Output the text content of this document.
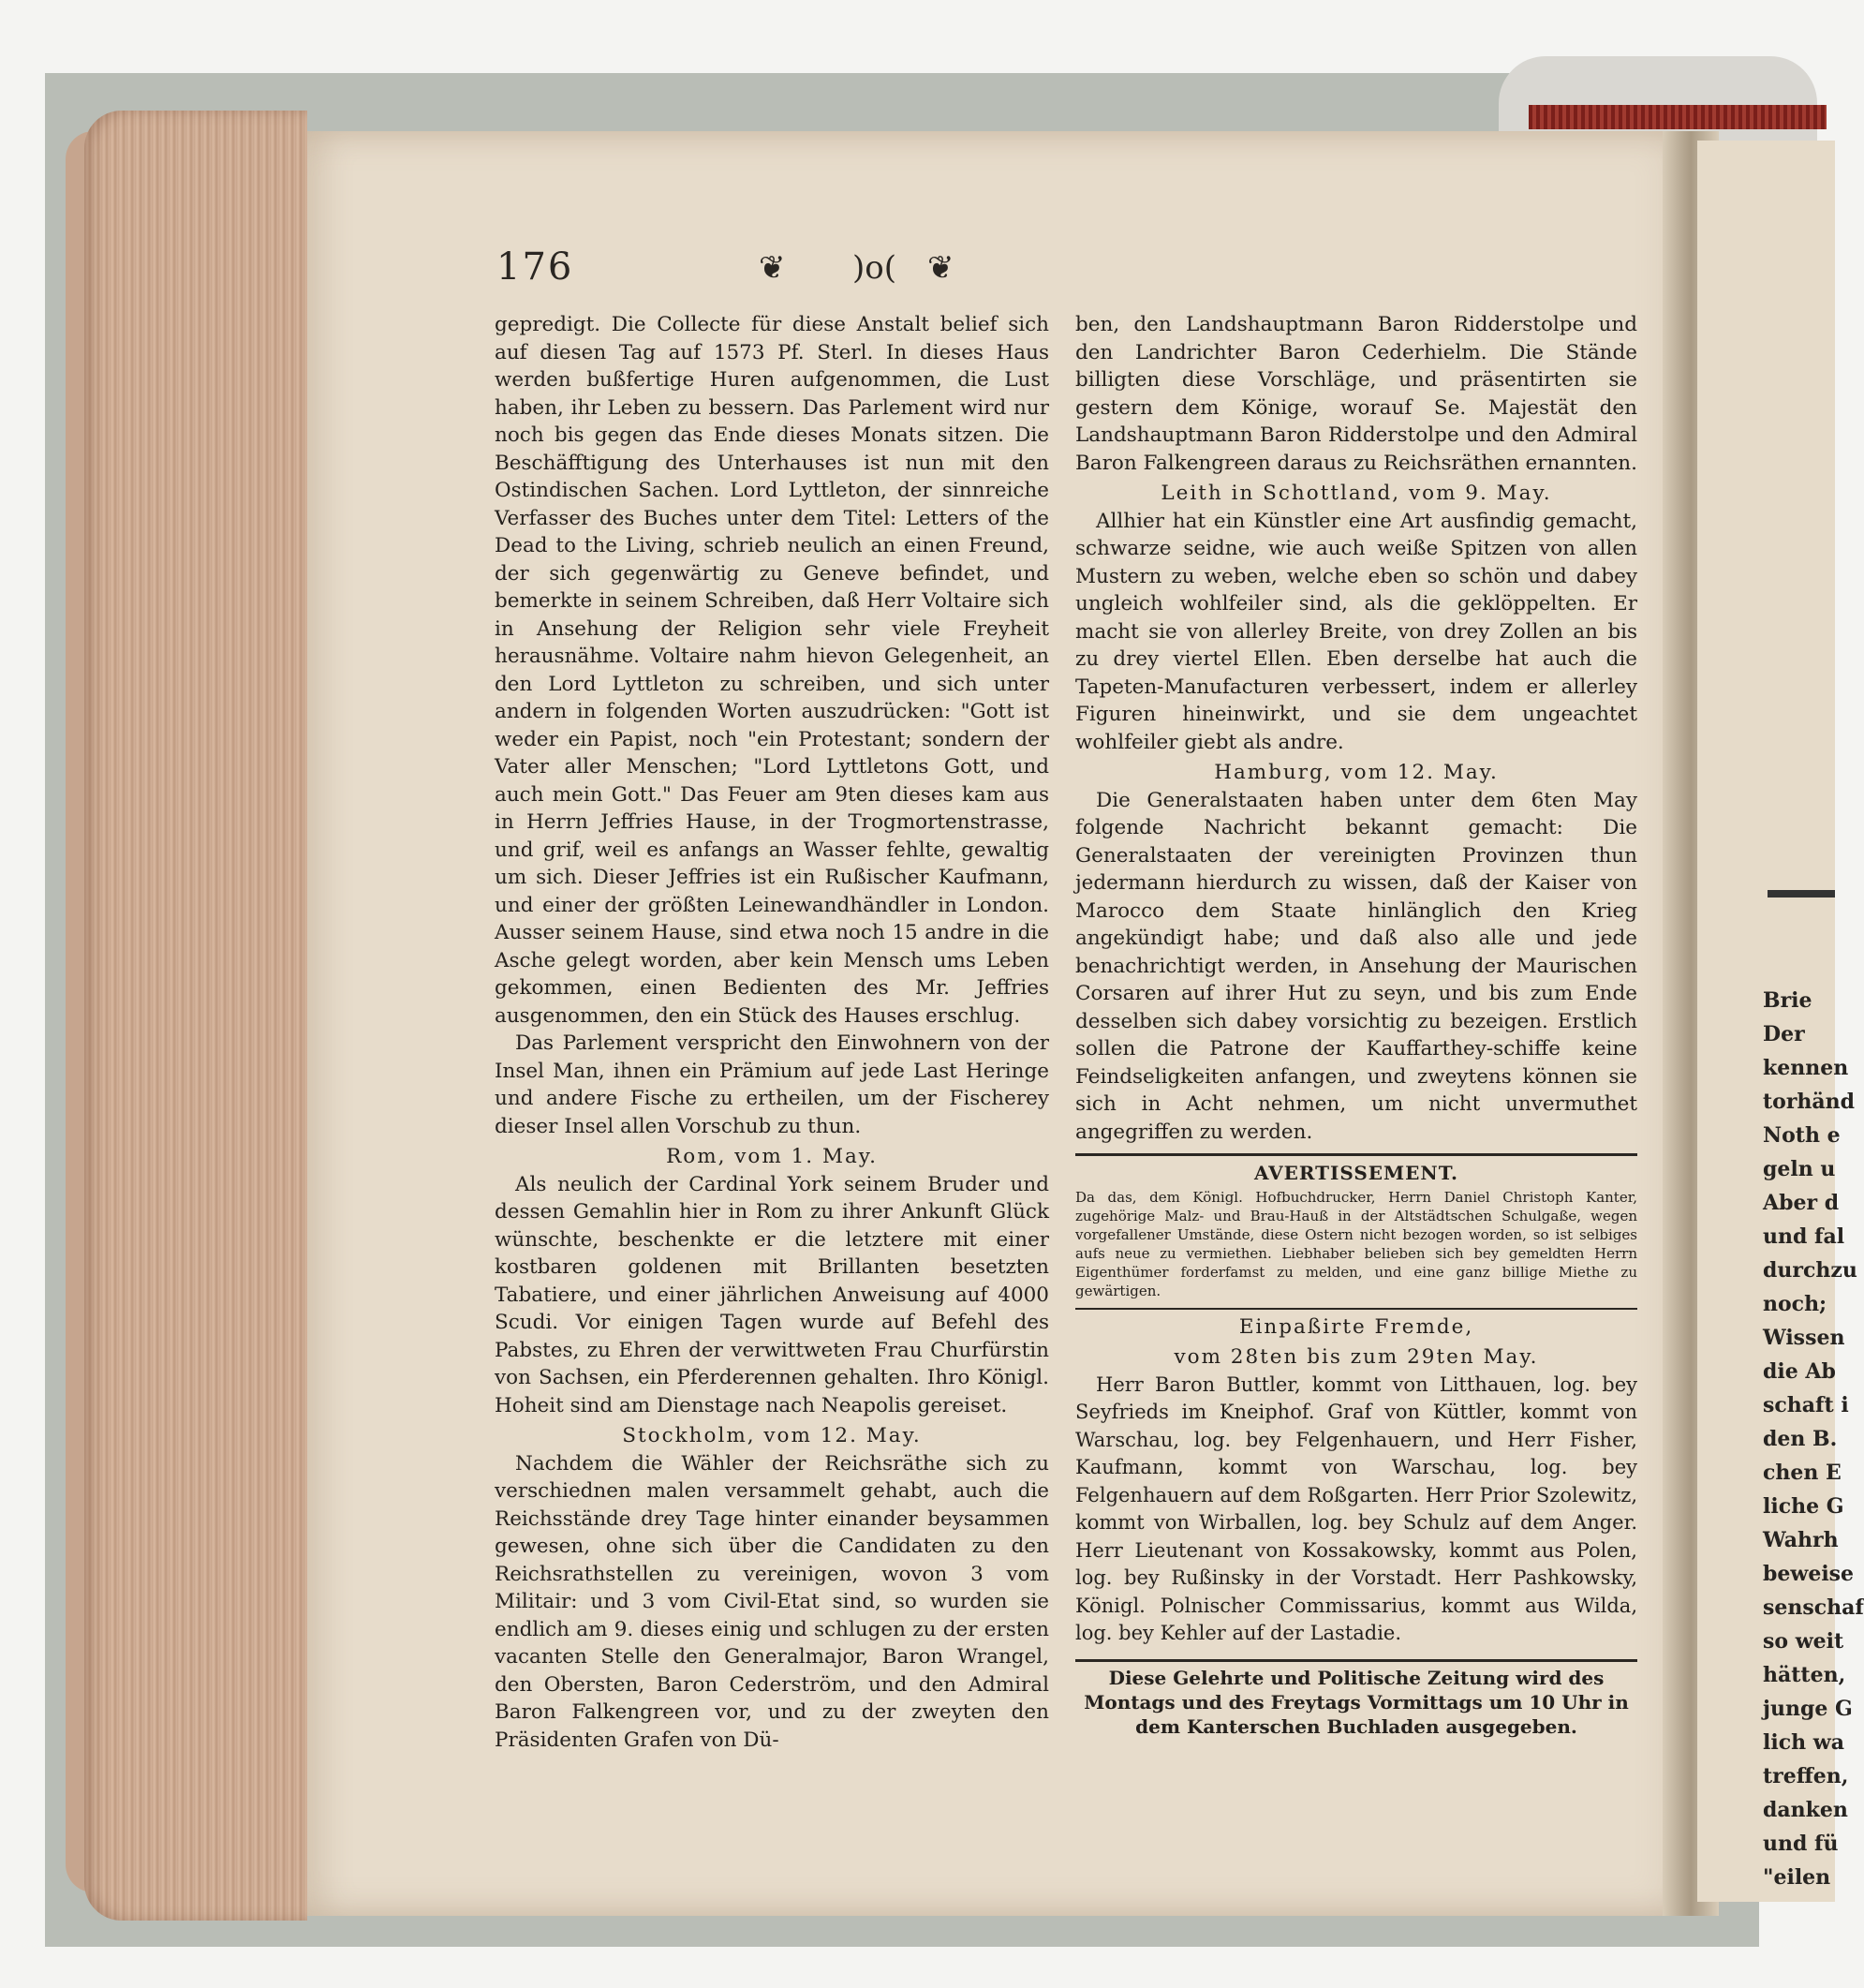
Brie
Der
kennen
torhänd
Noth e
geln u
Aber d
und fal
durchzu
noch;
Wissen
die Ab
schaft i
den B.
chen E
liche G
Wahrh
beweise
senschaf
so weit
hätten,
junge G
lich wa
treffen,
danken
und fü
"eilen
176	❦ )o( ❦

gepredigt. Die Collecte für diese Anstalt belief sich auf diesen Tag auf 1573 Pf. Sterl. In dieses Haus werden bußfertige Huren aufgenommen, die Lust haben, ihr Leben zu bessern. Das Parlement wird nur noch bis gegen das Ende dieses Monats sitzen. Die Beschäfftigung des Unterhauses ist nun mit den Ostindischen Sachen. Lord Lyttleton, der sinnreiche Verfasser des Buches unter dem Titel: Letters of the Dead to the Living, schrieb neulich an einen Freund, der sich gegenwärtig zu Geneve befindet, und bemerkte in seinem Schreiben, daß Herr Voltaire sich in Ansehung der Religion sehr viele Freyheit herausnähme. Voltaire nahm hievon Gelegenheit, an den Lord Lyttleton zu schreiben, und sich unter andern in folgenden Worten auszudrücken: "Gott ist weder ein Papist, noch "ein Protestant; sondern der Vater aller Menschen; "Lord Lyttletons Gott, und auch mein Gott." Das Feuer am 9ten dieses kam aus in Herrn Jeffries Hause, in der Trogmortenstrasse, und grif, weil es anfangs an Wasser fehlte, gewaltig um sich. Dieser Jeffries ist ein Rußischer Kaufmann, und einer der größten Leinewandhändler in London. Ausser seinem Hause, sind etwa noch 15 andre in die Asche gelegt worden, aber kein Mensch ums Leben gekommen, einen Bedienten des Mr. Jeffries ausgenommen, den ein Stück des Hauses erschlug.

Das Parlement verspricht den Einwohnern von der Insel Man, ihnen ein Prämium auf jede Last Heringe und andere Fische zu ertheilen, um der Fischerey dieser Insel allen Vorschub zu thun.

Rom, vom 1. May.

Als neulich der Cardinal York seinem Bruder und dessen Gemahlin hier in Rom zu ihrer Ankunft Glück wünschte, beschenkte er die letztere mit einer kostbaren goldenen mit Brillanten besetzten Tabatiere, und einer jährlichen Anweisung auf 4000 Scudi. Vor einigen Tagen wurde auf Befehl des Pabstes, zu Ehren der verwittweten Frau Churfürstin von Sachsen, ein Pferderennen gehalten. Ihro Königl. Hoheit sind am Dienstage nach Neapolis gereiset.

Stockholm, vom 12. May.

Nachdem die Wähler der Reichsräthe sich zu verschiednen malen versammelt gehabt, auch die Reichsstände drey Tage hinter einander beysammen gewesen, ohne sich über die Candidaten zu den Reichsrathstellen zu vereinigen, wovon 3 vom Militair: und 3 vom Civil-Etat sind, so wurden sie endlich am 9. dieses einig und schlugen zu der ersten vacanten Stelle den Generalmajor, Baron Wrangel, den Obersten, Baron Cederström, und den Admiral Baron Falkengreen vor, und zu der zweyten den Präsidenten Grafen von Dü-

ben, den Landshauptmann Baron Ridderstolpe und den Landrichter Baron Cederhielm. Die Stände billigten diese Vorschläge, und präsentirten sie gestern dem Könige, worauf Se. Majestät den Landshauptmann Baron Ridderstolpe und den Admiral Baron Falkengreen daraus zu Reichsräthen ernannten.

Leith in Schottland, vom 9. May.

Allhier hat ein Künstler eine Art ausfindig gemacht, schwarze seidne, wie auch weiße Spitzen von allen Mustern zu weben, welche eben so schön und dabey ungleich wohlfeiler sind, als die geklöppelten. Er macht sie von allerley Breite, von drey Zollen an bis zu drey viertel Ellen. Eben derselbe hat auch die Tapeten-Manufacturen verbessert, indem er allerley Figuren hineinwirkt, und sie dem ungeachtet wohlfeiler giebt als andre.

Hamburg, vom 12. May.

Die Generalstaaten haben unter dem 6ten May folgende Nachricht bekannt gemacht: Die Generalstaaten der vereinigten Provinzen thun jedermann hierdurch zu wissen, daß der Kaiser von Marocco dem Staate hinlänglich den Krieg angekündigt habe; und daß also alle und jede benachrichtigt werden, in Ansehung der Maurischen Corsaren auf ihrer Hut zu seyn, und bis zum Ende desselben sich dabey vorsichtig zu bezeigen. Erstlich sollen die Patrone der Kauffarthey-schiffe keine Feindseligkeiten anfangen, und zweytens können sie sich in Acht nehmen, um nicht unvermuthet angegriffen zu werden.

AVERTISSEMENT.
Da das, dem Königl. Hofbuchdrucker, Herrn Daniel Christoph Kanter, zugehörige Malz- und Brau-Hauß in der Altstädtschen Schulgaße, wegen vorgefallener Umstände, diese Ostern nicht bezogen worden, so ist selbiges aufs neue zu vermiethen. Liebhaber belieben sich bey gemeldten Herrn Eigenthümer forderfamst zu melden, und eine ganz billige Miethe zu gewärtigen.

Einpaßirte Fremde,

vom 28ten bis zum 29ten May.

Herr Baron Buttler, kommt von Litthauen, log. bey Seyfrieds im Kneiphof. Graf von Küttler, kommt von Warschau, log. bey Felgenhauern, und Herr Fisher, Kaufmann, kommt von Warschau, log. bey Felgenhauern auf dem Roßgarten. Herr Prior Szolewitz, kommt von Wirballen, log. bey Schulz auf dem Anger. Herr Lieutenant von Kossakowsky, kommt aus Polen, log. bey Rußinsky in der Vorstadt. Herr Pashkowsky, Königl. Polnischer Commissarius, kommt aus Wilda, log. bey Kehler auf der Lastadie.

Diese Gelehrte und Politische Zeitung wird des Montags und des Freytags Vormittags um 10 Uhr in dem Kanterschen Buchladen ausgegeben.
